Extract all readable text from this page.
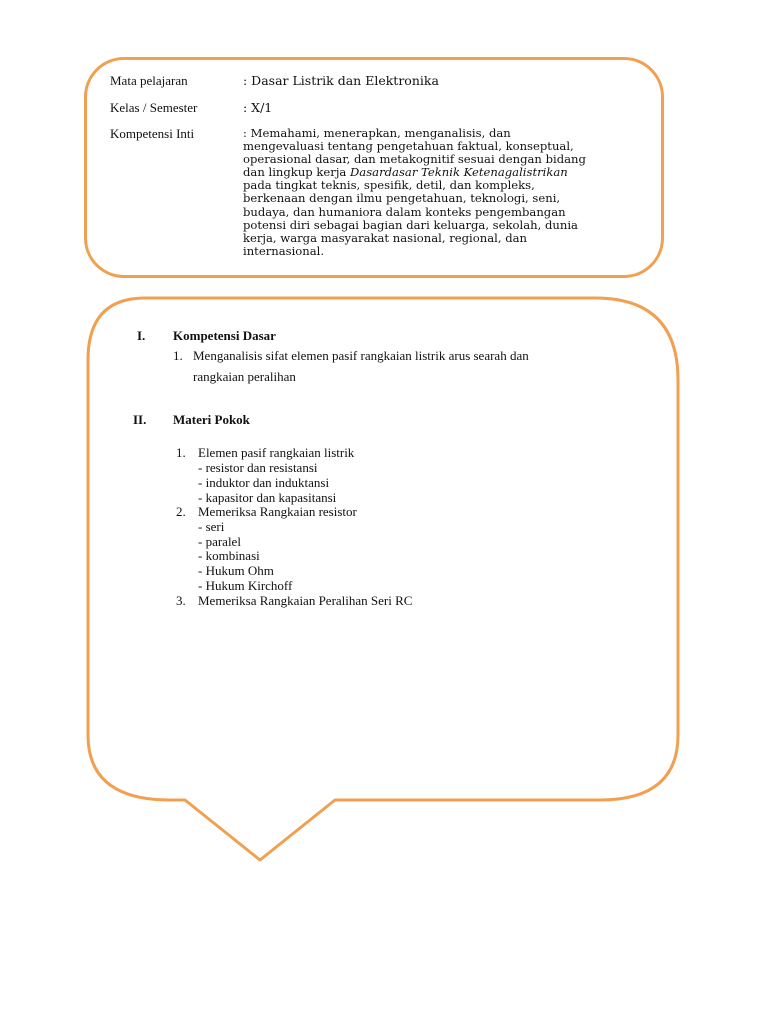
Mata pelajaran	: Dasar Listrik dan Elektronika
Kelas / Semester	: X/1
Kompetensi Inti	: Memahami, menerapkan, menganalisis, dan
mengevaluasi tentang pengetahuan faktual, konseptual,
operasional dasar, dan metakognitif sesuai dengan bidang
dan lingkup kerja Dasardasar Teknik Ketenagalistrikan
pada tingkat teknis, spesifik, detil, dan kompleks,
berkenaan dengan ilmu pengetahuan, teknologi, seni,
budaya, dan humaniora dalam konteks pengembangan
potensi diri sebagai bagian dari keluarga, sekolah, dunia
kerja, warga masyarakat nasional, regional, dan
internasional.
I. Kompetensi Dasar
1. Menganalisis sifat elemen pasif rangkaian listrik arus searah dan
rangkaian peralihan
II. Materi Pokok
1. Elemen pasif rangkaian listrik
- resistor dan resistansi
- induktor dan induktansi
- kapasitor dan kapasitansi
2. Memeriksa Rangkaian resistor
- seri
- paralel
- kombinasi
- Hukum Ohm
- Hukum Kirchoff
3. Memeriksa Rangkaian Peralihan Seri RC
